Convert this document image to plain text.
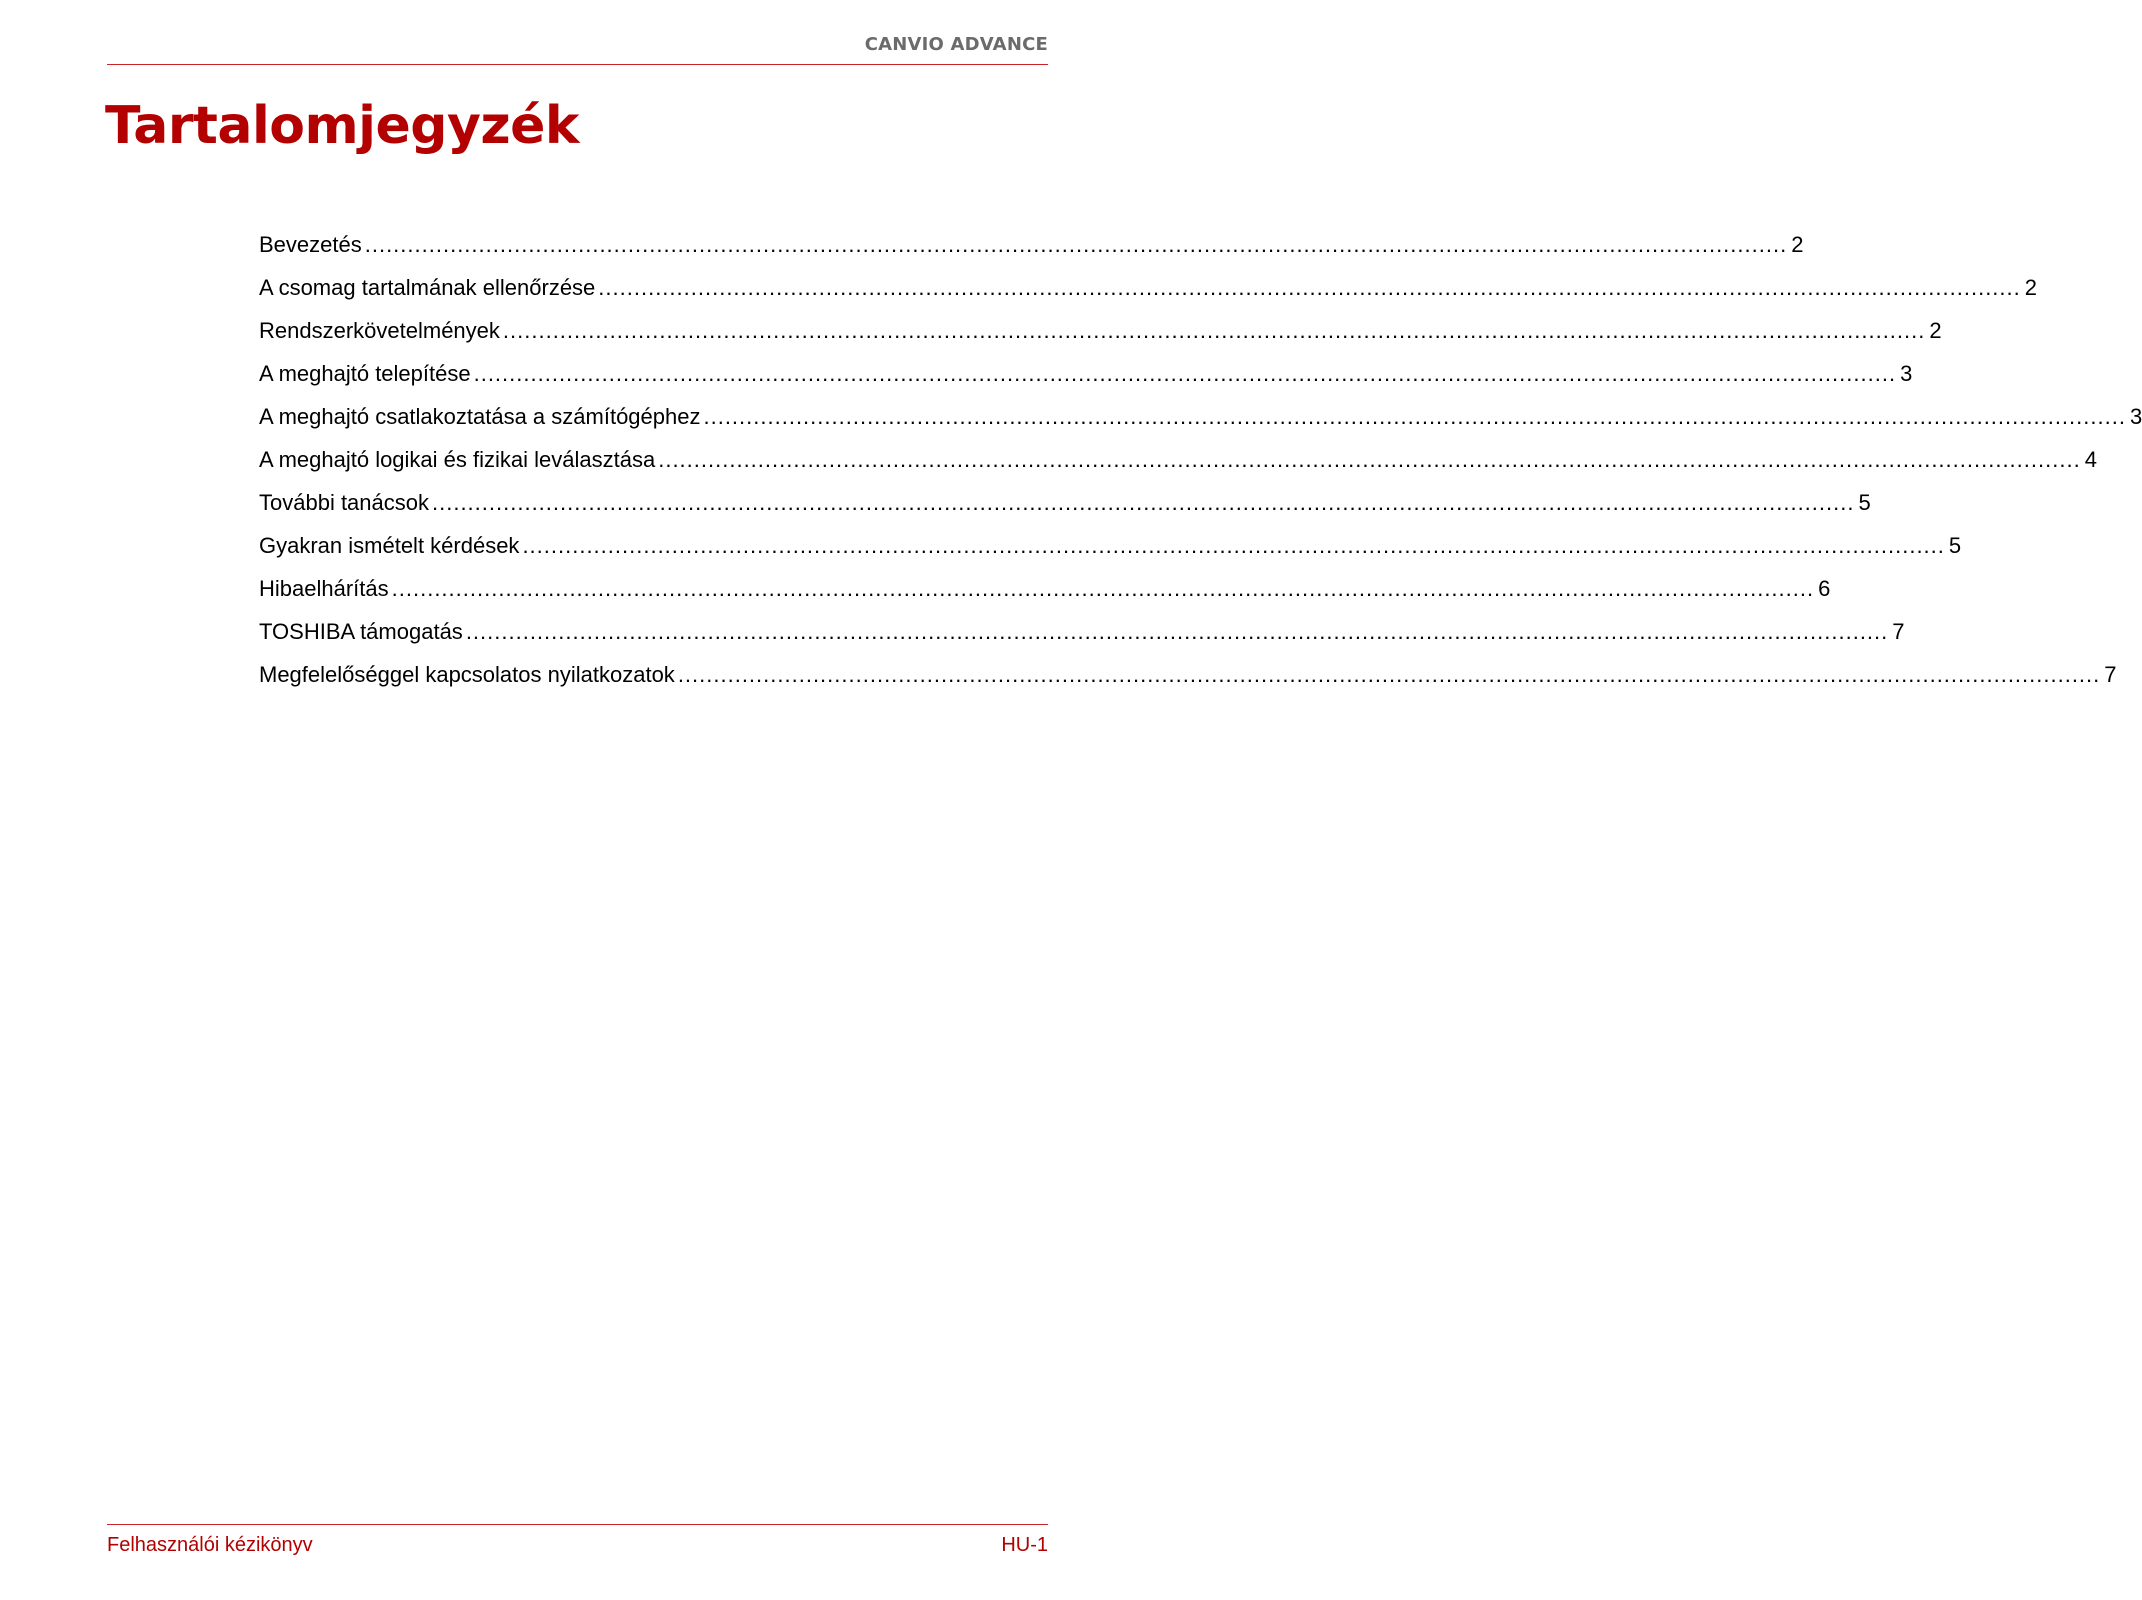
CANVIO ADVANCE
Tartalomjegyzék
Bevezetés ........................................................................................................................................................................................................ 2
A csomag tartalmának ellenőrzése ........................................................................................................................................................................................................ 2
Rendszerkövetelmények ........................................................................................................................................................................................................ 2
A meghajtó telepítése ........................................................................................................................................................................................................ 3
A meghajtó csatlakoztatása a számítógéphez ........................................................................................................................................................................................................ 3
A meghajtó logikai és fizikai leválasztása ........................................................................................................................................................................................................ 4
További tanácsok ........................................................................................................................................................................................................ 5
Gyakran ismételt kérdések ........................................................................................................................................................................................................ 5
Hibaelhárítás ........................................................................................................................................................................................................ 6
TOSHIBA támogatás ........................................................................................................................................................................................................ 7
Megfelelőséggel kapcsolatos nyilatkozatok ........................................................................................................................................................................................................ 7
Felhasználói kézikönyv	HU-1
